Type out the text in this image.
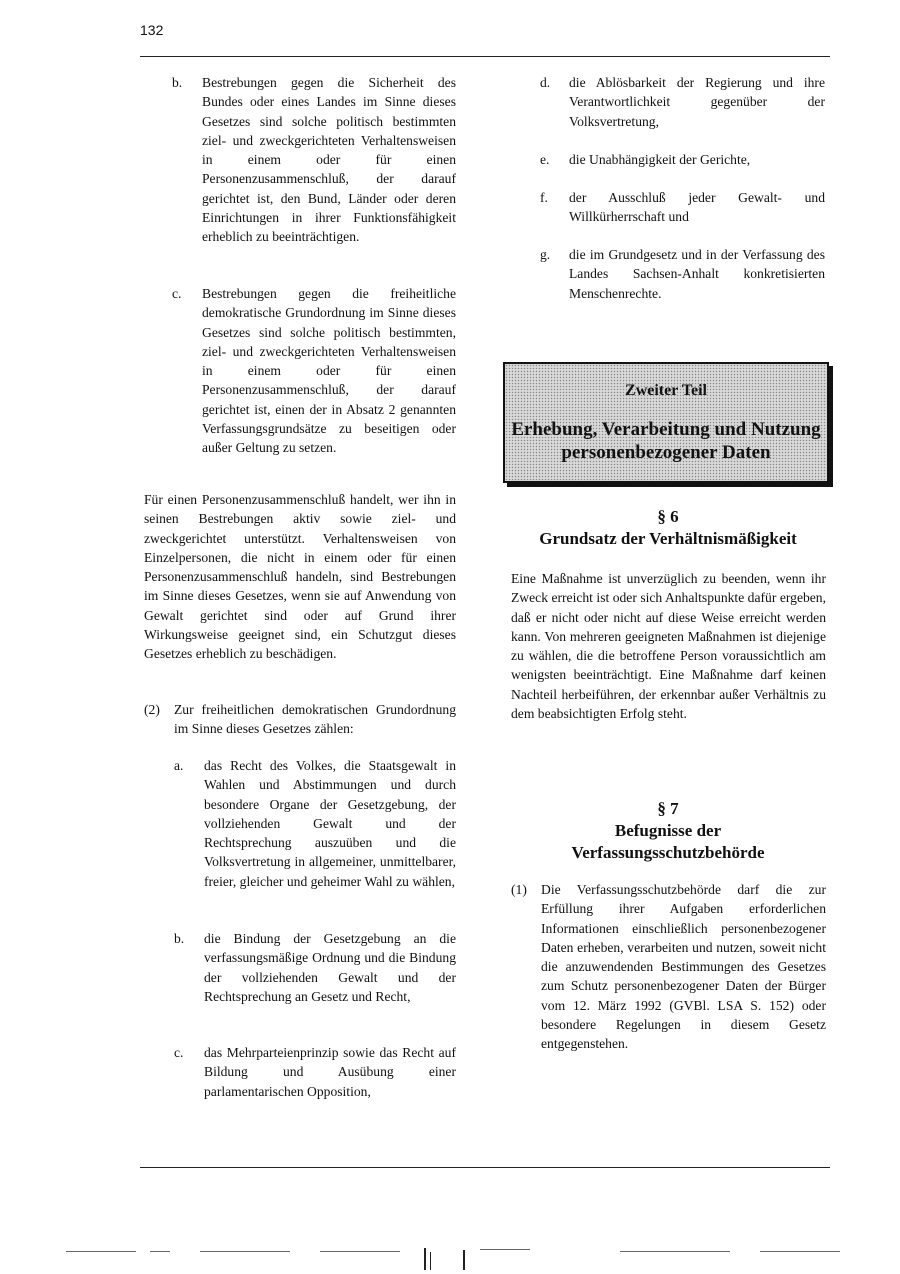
132
b. Bestrebungen gegen die Sicherheit des Bundes oder eines Landes im Sinne dieses Gesetzes sind solche politisch bestimmten ziel- und zweckgerichteten Verhaltensweisen in einem oder für einen Personenzusammenschluß, der darauf gerichtet ist, den Bund, Länder oder deren Einrichtungen in ihrer Funktionsfähigkeit erheblich zu beeinträchtigen.
c. Bestrebungen gegen die freiheitliche demokratische Grundordnung im Sinne dieses Gesetzes sind solche politisch bestimmten, ziel- und zweckgerichteten Verhaltensweisen in einem oder für einen Personenzusammenschluß, der darauf gerichtet ist, einen der in Absatz 2 genannten Verfassungsgrundsätze zu beseitigen oder außer Geltung zu setzen.
Für einen Personenzusammenschluß handelt, wer ihn in seinen Bestrebungen aktiv sowie ziel- und zweckgerichtet unterstützt. Verhaltensweisen von Einzelpersonen, die nicht in einem oder für einen Personenzusammenschluß handeln, sind Bestrebungen im Sinne dieses Gesetzes, wenn sie auf Anwendung von Gewalt gerichtet sind oder auf Grund ihrer Wirkungsweise geeignet sind, ein Schutzgut dieses Gesetzes erheblich zu beschädigen.
(2) Zur freiheitlichen demokratischen Grundordnung im Sinne dieses Gesetzes zählen:
a. das Recht des Volkes, die Staatsgewalt in Wahlen und Abstimmungen und durch besondere Organe der Gesetzgebung, der vollziehenden Gewalt und der Rechtsprechung auszuüben und die Volksvertretung in allgemeiner, unmittelbarer, freier, gleicher und geheimer Wahl zu wählen,
b. die Bindung der Gesetzgebung an die verfassungsmäßige Ordnung und die Bindung der vollziehenden Gewalt und der Rechtsprechung an Gesetz und Recht,
c. das Mehrparteienprinzip sowie das Recht auf Bildung und Ausübung einer parlamentarischen Opposition,
d. die Ablösbarkeit der Regierung und ihre Verantwortlichkeit gegenüber der Volksvertretung,
e. die Unabhängigkeit der Gerichte,
f. der Ausschluß jeder Gewalt- und Willkürherrschaft und
g. die im Grundgesetz und in der Verfassung des Landes Sachsen-Anhalt konkretisierten Menschenrechte.
Zweiter Teil
Erhebung, Verarbeitung und Nutzung personenbezogener Daten
§ 6
Grundsatz der Verhältnismäßigkeit
Eine Maßnahme ist unverzüglich zu beenden, wenn ihr Zweck erreicht ist oder sich Anhaltspunkte dafür ergeben, daß er nicht oder nicht auf diese Weise erreicht werden kann. Von mehreren geeigneten Maßnahmen ist diejenige zu wählen, die die betroffene Person voraussichtlich am wenigsten beeinträchtigt. Eine Maßnahme darf keinen Nachteil herbeiführen, der erkennbar außer Verhältnis zu dem beabsichtigten Erfolg steht.
§ 7
Befugnisse der Verfassungsschutzbehörde
(1) Die Verfassungsschutzbehörde darf die zur Erfüllung ihrer Aufgaben erforderlichen Informationen einschließlich personenbezogener Daten erheben, verarbeiten und nutzen, soweit nicht die anzuwendenden Bestimmungen des Gesetzes zum Schutz personenbezogener Daten der Bürger vom 12. März 1992 (GVBl. LSA S. 152) oder besondere Regelungen in diesem Gesetz entgegenstehen.
